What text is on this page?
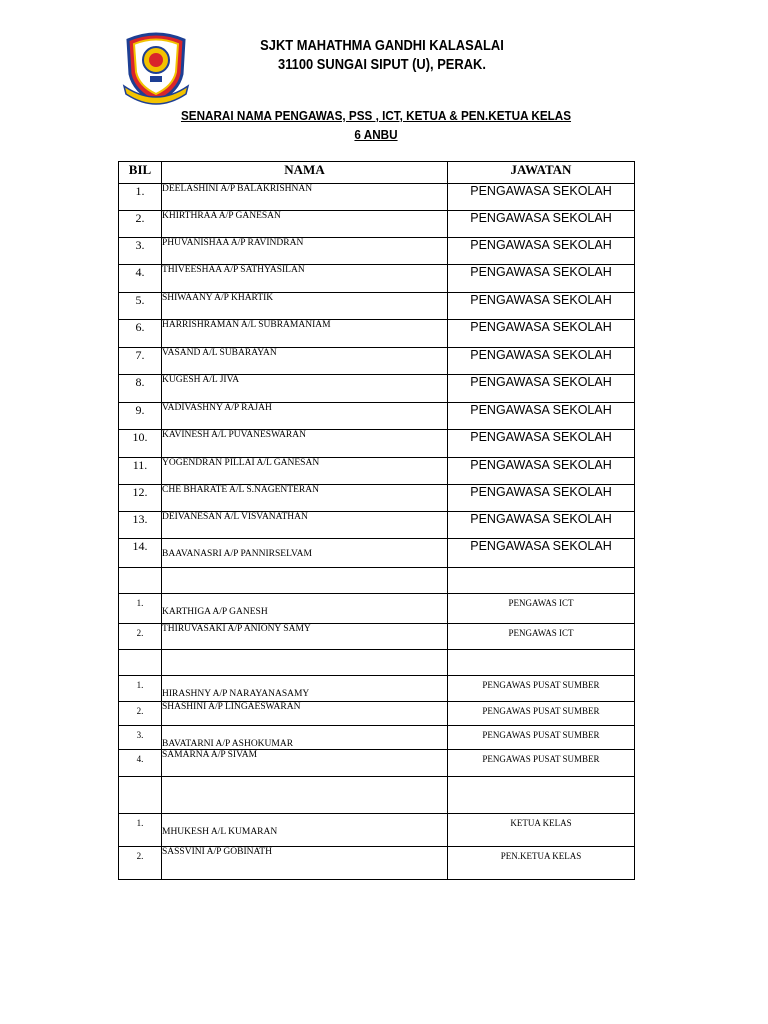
SJKT MAHATHMA GANDHI KALASALAI
31100 SUNGAI SIPUT (U), PERAK.
SENARAI NAMA PENGAWAS, PSS , ICT, KETUA & PEN.KETUA KELAS
6 ANBU
BIL	NAMA	JAWATAN
1.	DEELASHINI A/P BALAKRISHNAN	PENGAWASA SEKOLAH
2.	KHIRTHRAA A/P GANESAN	PENGAWASA SEKOLAH
3.	PHUVANISHAA A/P RAVINDRAN	PENGAWASA SEKOLAH
4.	THIVEESHAA A/P SATHYASILAN	PENGAWASA SEKOLAH
5.	SHIWAANY A/P KHARTIK	PENGAWASA SEKOLAH
6.	HARRISHRAMAN A/L SUBRAMANIAM	PENGAWASA SEKOLAH
7.	VASAND A/L SUBARAYAN	PENGAWASA SEKOLAH
8.	KUGESH A/L JIVA	PENGAWASA SEKOLAH
9.	VADIVASHNY A/P RAJAH	PENGAWASA SEKOLAH
10.	KAVINESH A/L PUVANESWARAN	PENGAWASA SEKOLAH
11.	YOGENDRAN PILLAI A/L GANESAN	PENGAWASA SEKOLAH
12.	CHE BHARATE A/L S.NAGENTERAN	PENGAWASA SEKOLAH
13.	DEIVANESAN A/L VISVANATHAN	PENGAWASA SEKOLAH
14.	BAAVANASRI A/P PANNIRSELVAM	PENGAWASA SEKOLAH

1.	KARTHIGA A/P GANESH	PENGAWAS ICT
2.	THIRUVASAKI A/P ANIONY SAMY	PENGAWAS ICT

1.	HIRASHNY A/P NARAYANASAMY	PENGAWAS PUSAT SUMBER
2.	SHASHINI A/P LINGAESWARAN	PENGAWAS PUSAT SUMBER
3.	BAVATARNI A/P ASHOKUMAR	PENGAWAS PUSAT SUMBER
4.	SAMARNA A/P SIVAM	PENGAWAS PUSAT SUMBER

1.	MHUKESH A/L KUMARAN	KETUA KELAS
2.	SASSVINI A/P GOBINATH	PEN.KETUA KELAS
